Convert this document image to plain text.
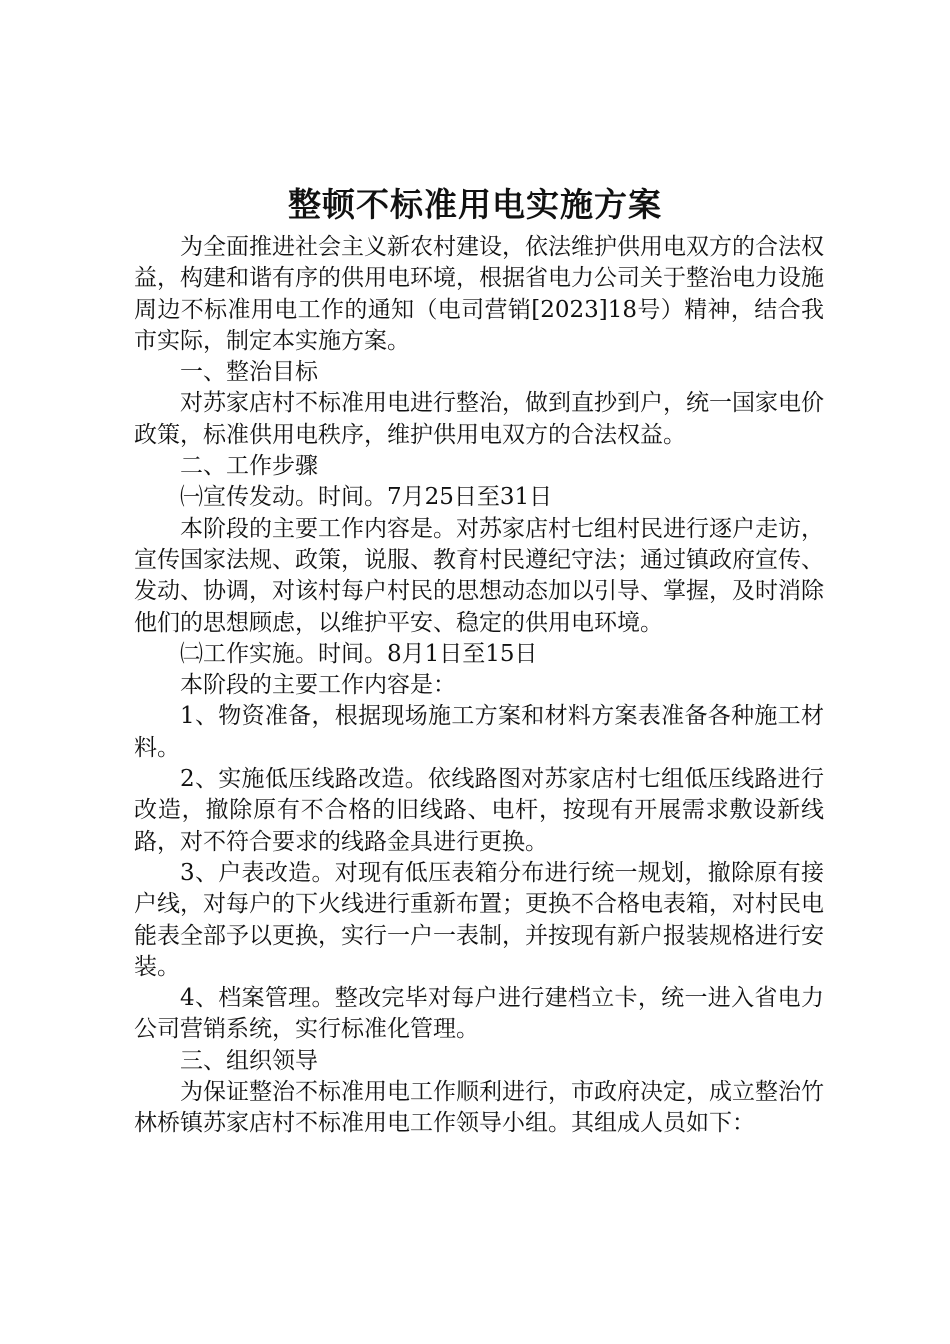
整顿不标准用电实施方案

为全面推进社会主义新农村建设，依法维护供用电双方的合法权益，构建和谐有序的供用电环境，根据省电力公司关于整治电力设施周边不标准用电工作的通知（电司营销[2023]18号）精神，结合我市实际，制定本实施方案。

一、整治目标

对苏家店村不标准用电进行整治，做到直抄到户，统一国家电价政策，标准供用电秩序，维护供用电双方的合法权益。

二、工作步骤

㈠宣传发动。时间。7月25日至31日

本阶段的主要工作内容是。对苏家店村七组村民进行逐户走访，宣传国家法规、政策，说服、教育村民遵纪守法；通过镇政府宣传、发动、协调，对该村每户村民的思想动态加以引导、掌握，及时消除他们的思想顾虑，以维护平安、稳定的供用电环境。

㈡工作实施。时间。8月1日至15日

本阶段的主要工作内容是：

1、物资准备，根据现场施工方案和材料方案表准备各种施工材料。

2、实施低压线路改造。依线路图对苏家店村七组低压线路进行改造，撤除原有不合格的旧线路、电杆，按现有开展需求敷设新线路，对不符合要求的线路金具进行更换。

3、户表改造。对现有低压表箱分布进行统一规划，撤除原有接户线，对每户的下火线进行重新布置；更换不合格电表箱，对村民电能表全部予以更换，实行一户一表制，并按现有新户报装规格进行安装。

4、档案管理。整改完毕对每户进行建档立卡，统一进入省电力公司营销系统，实行标准化管理。

三、组织领导

为保证整治不标准用电工作顺利进行，市政府决定，成立整治竹林桥镇苏家店村不标准用电工作领导小组。其组成人员如下：
